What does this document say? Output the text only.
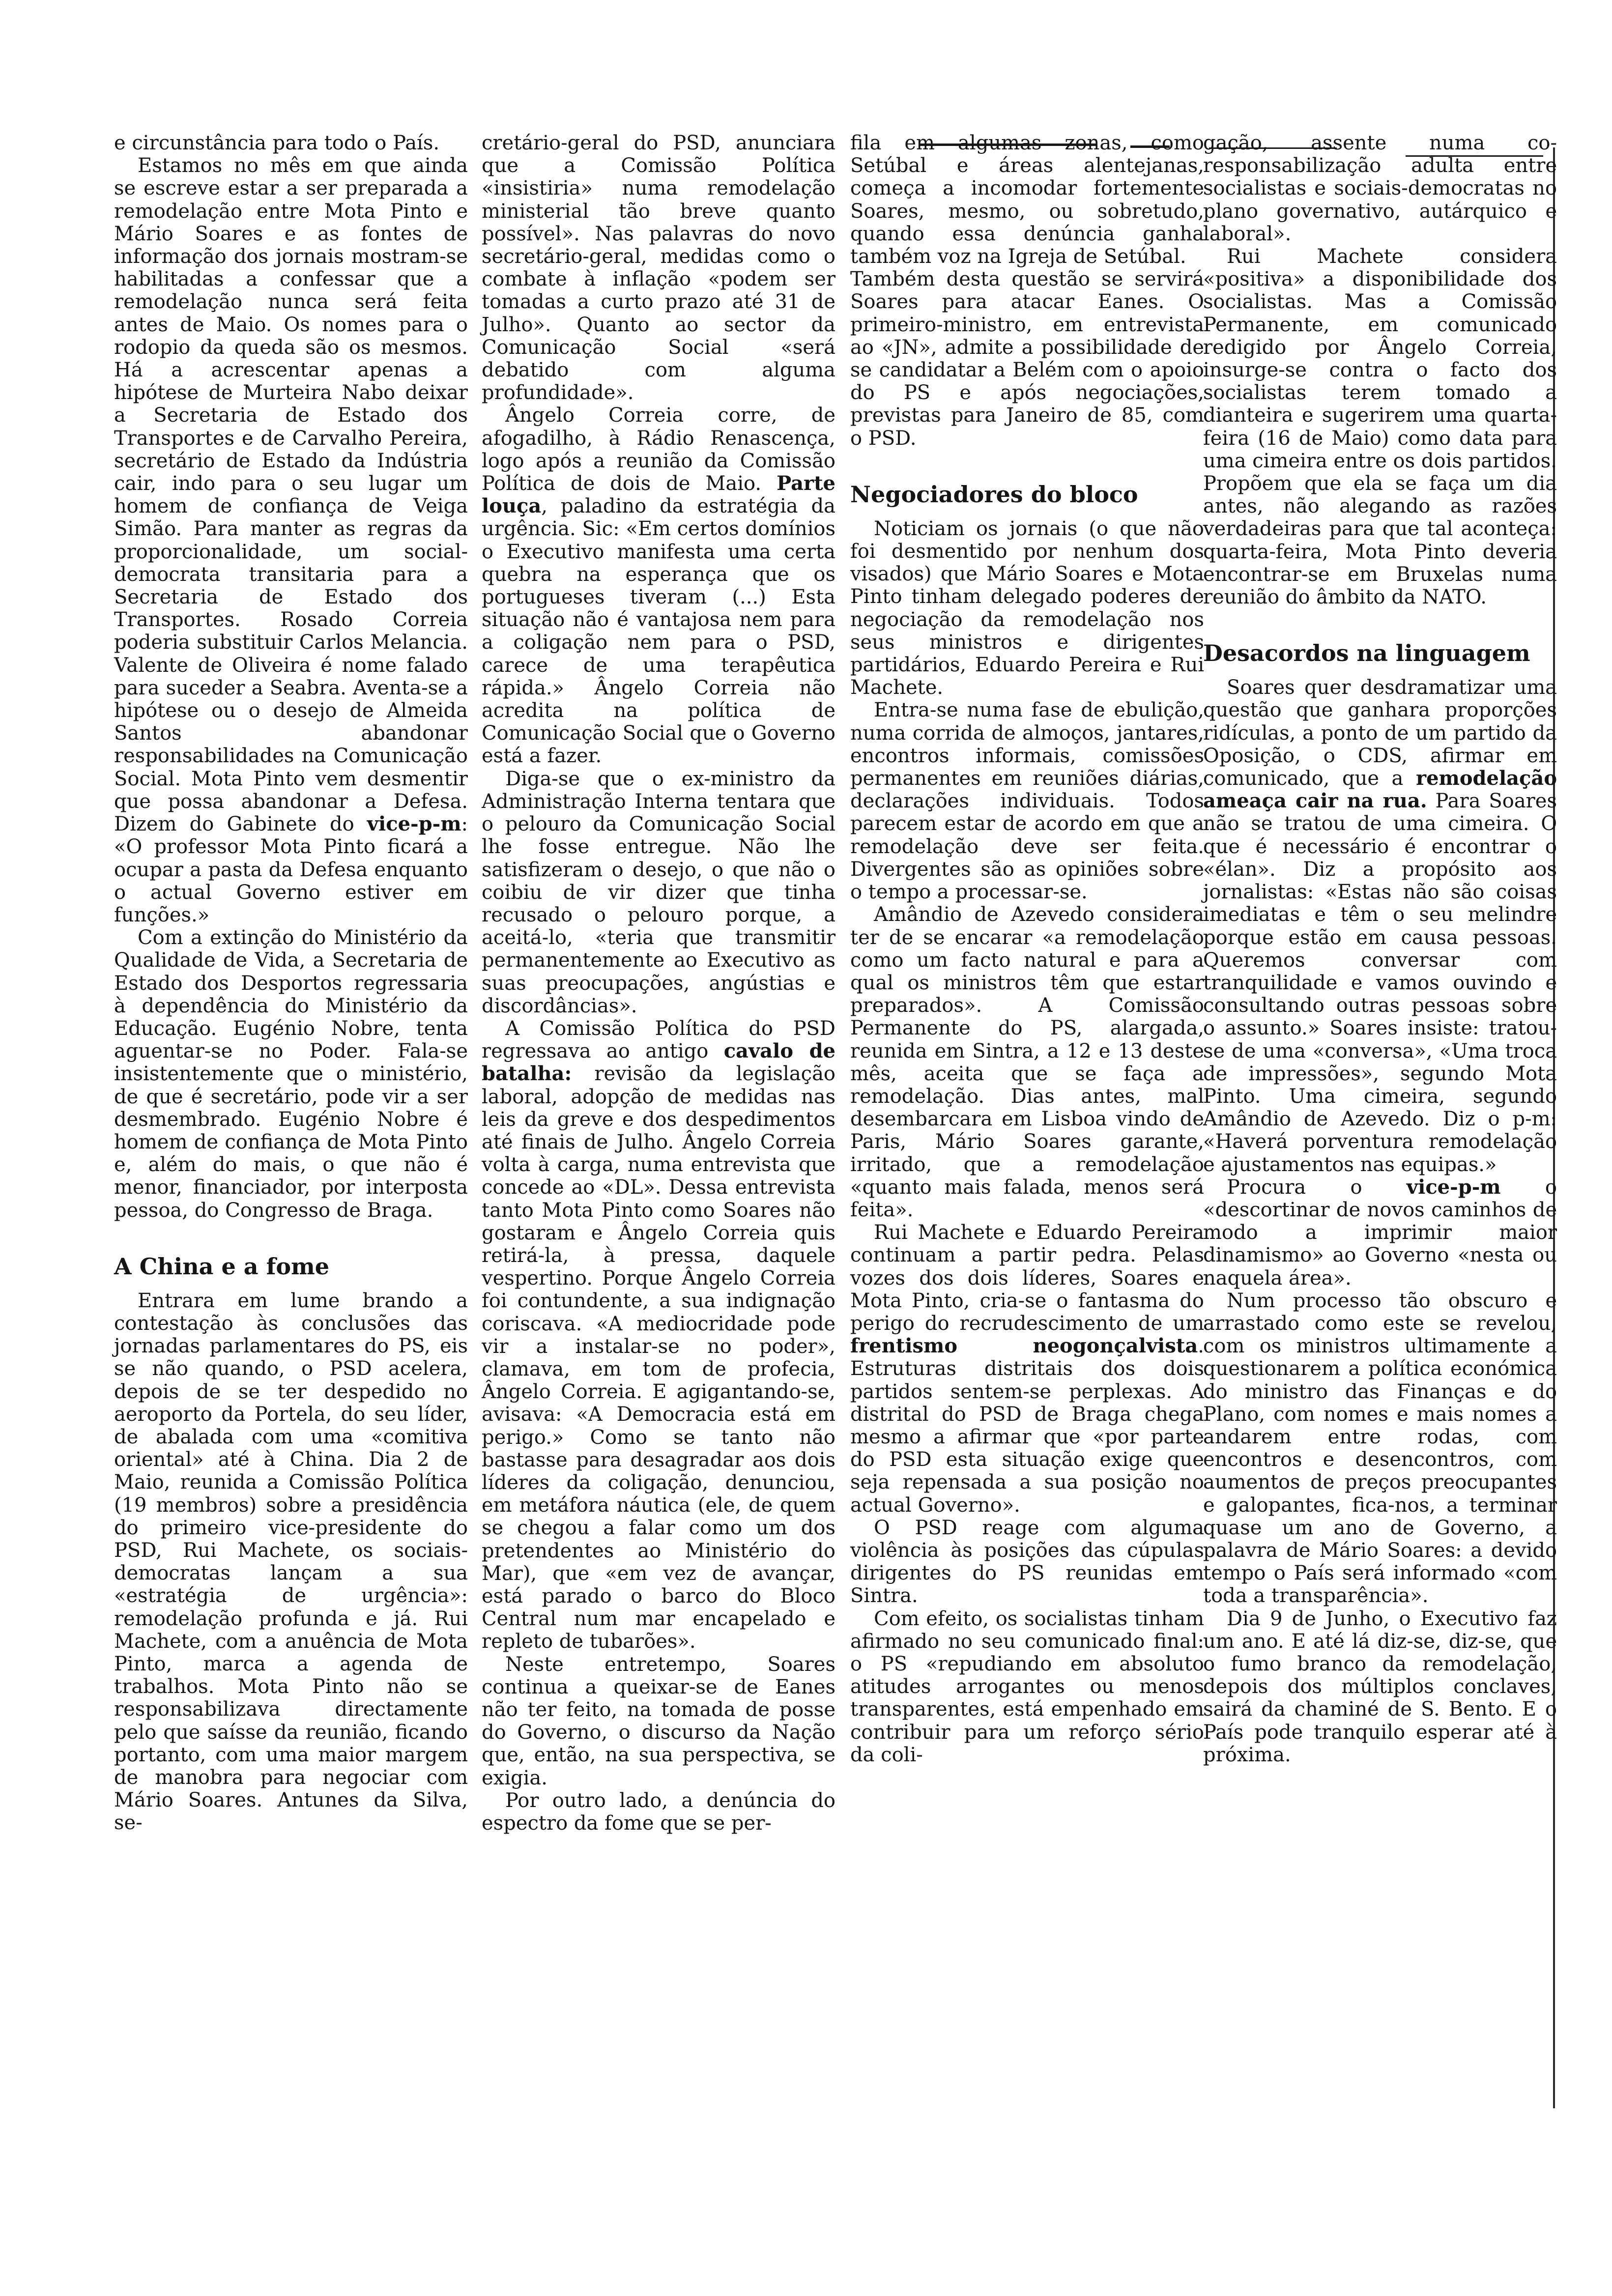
e circunstância para todo o País.

Estamos no mês em que ainda se escreve estar a ser preparada a remodelação entre Mota Pinto e Mário Soares e as fontes de informação dos jornais mostram-se habilitadas a confessar que a remodelação nunca será feita antes de Maio. Os nomes para o rodopio da queda são os mesmos. Há a acrescentar apenas a hipótese de Murteira Nabo deixar a Secretaria de Estado dos Transportes e de Carvalho Pereira, secretário de Estado da Indústria cair, indo para o seu lugar um homem de confiança de Veiga Simão. Para manter as regras da proporcionalidade, um social-democrata transitaria para a Secretaria de Estado dos Transportes. Rosado Correia poderia substituir Carlos Melancia. Valente de Oliveira é nome falado para suceder a Seabra. Aventa-se a hipótese ou o desejo de Almeida Santos abandonar responsabilidades na Comunicação Social. Mota Pinto vem desmentir que possa abandonar a Defesa. Dizem do Gabinete do vice-p-m: «O professor Mota Pinto ficará a ocupar a pasta da Defesa enquanto o actual Governo estiver em funções.»

Com a extinção do Ministério da Qualidade de Vida, a Secretaria de Estado dos Desportos regressaria à dependência do Ministério da Educação. Eugénio Nobre, tenta aguentar-se no Poder. Fala-se insistentemente que o ministério, de que é secretário, pode vir a ser desmembrado. Eugénio Nobre é homem de confiança de Mota Pinto e, além do mais, o que não é menor, financiador, por interposta pessoa, do Congresso de Braga.

A China e a fome

Entrara em lume brando a contestação às conclusões das jornadas parlamentares do PS, eis se não quando, o PSD acelera, depois de se ter despedido no aeroporto da Portela, do seu líder, de abalada com uma «comitiva oriental» até à China. Dia 2 de Maio, reunida a Comissão Política (19 membros) sobre a presidência do primeiro vice-presidente do PSD, Rui Machete, os sociais-democratas lançam a sua «estratégia de urgência»: remodelação profunda e já. Rui Machete, com a anuência de Mota Pinto, marca a agenda de trabalhos. Mota Pinto não se responsabilizava directamente pelo que saísse da reunião, ficando portanto, com uma maior margem de manobra para negociar com Mário Soares. Antunes da Silva, se-

cretário-geral do PSD, anunciara que a Comissão Política «insistiria» numa remodelação ministerial tão breve quanto possível». Nas palavras do novo secretário-geral, medidas como o combate à inflação «podem ser tomadas a curto prazo até 31 de Julho». Quanto ao sector da Comunicação Social «será debatido com alguma profundidade».

Ângelo Correia corre, de afogadilho, à Rádio Renascença, logo após a reunião da Comissão Política de dois de Maio. Parte louça, paladino da estratégia da urgência. Sic: «Em certos domínios o Executivo manifesta uma certa quebra na esperança que os portugueses tiveram (...) Esta situação não é vantajosa nem para a coligação nem para o PSD, carece de uma terapêutica rápida.» Ângelo Correia não acredita na política de Comunicação Social que o Governo está a fazer.

Diga-se que o ex-ministro da Administração Interna tentara que o pelouro da Comunicação Social lhe fosse entregue. Não lhe satisfizeram o desejo, o que não o coibiu de vir dizer que tinha recusado o pelouro porque, a aceitá-lo, «teria que transmitir permanentemente ao Executivo as suas preocupações, angústias e discordâncias».

A Comissão Política do PSD regressava ao antigo cavalo de batalha: revisão da legislação laboral, adopção de medidas nas leis da greve e dos despedimentos até finais de Julho. Ângelo Correia volta à carga, numa entrevista que concede ao «DL». Dessa entrevista tanto Mota Pinto como Soares não gostaram e Ângelo Correia quis retirá-la, à pressa, daquele vespertino. Porque Ângelo Correia foi contundente, a sua indignação coriscava. «A mediocridade pode vir a instalar-se no poder», clamava, em tom de profecia, Ângelo Correia. E agigantando-se, avisava: «A Democracia está em perigo.» Como se tanto não bastasse para desagradar aos dois líderes da coligação, denunciou, em metáfora náutica (ele, de quem se chegou a falar como um dos pretendentes ao Ministério do Mar), que «em vez de avançar, está parado o barco do Bloco Central num mar encapelado e repleto de tubarões».

Neste entretempo, Soares continua a queixar-se de Eanes não ter feito, na tomada de posse do Governo, o discurso da Nação que, então, na sua perspectiva, se exigia.

Por outro lado, a denúncia do espectro da fome que se per-

fila em algumas zonas, como Setúbal e áreas alentejanas, começa a incomodar fortemente Soares, mesmo, ou sobretudo, quando essa denúncia ganha também voz na Igreja de Setúbal.

Também desta questão se servirá Soares para atacar Eanes. O primeiro-ministro, em entrevista ao «JN», admite a possibilidade de se candidatar a Belém com o apoio do PS e após negociações, previstas para Janeiro de 85, com o PSD.

Negociadores do bloco

Noticiam os jornais (o que não foi desmentido por nenhum dos visados) que Mário Soares e Mota Pinto tinham delegado poderes de negociação da remodelação nos seus ministros e dirigentes partidários, Eduardo Pereira e Rui Machete.

Entra-se numa fase de ebulição, numa corrida de almoços, jantares, encontros informais, comissões permanentes em reuniões diárias, declarações individuais. Todos parecem estar de acordo em que a remodelação deve ser feita. Divergentes são as opiniões sobre o tempo a processar-se.

Amândio de Azevedo considera ter de se encarar «a remodelação como um facto natural e para a qual os ministros têm que estar preparados». A Comissão Permanente do PS, alargada, reunida em Sintra, a 12 e 13 deste mês, aceita que se faça a remodelação. Dias antes, mal desembarcara em Lisboa vindo de Paris, Mário Soares garante, irritado, que a remodelação «quanto mais falada, menos será feita».

Rui Machete e Eduardo Pereira continuam a partir pedra. Pelas vozes dos dois líderes, Soares e Mota Pinto, cria-se o fantasma do perigo do recrudescimento de um frentismo neogonçalvista. Estruturas distritais dos dois partidos sentem-se perplexas. A distrital do PSD de Braga chega mesmo a afirmar que «por parte do PSD esta situação exige que seja repensada a sua posição no actual Governo».

O PSD reage com alguma violência às posições das cúpulas dirigentes do PS reunidas em Sintra.

Com efeito, os socialistas tinham afirmado no seu comunicado final: o PS «repudiando em absoluto atitudes arrogantes ou menos transparentes, está empenhado em contribuir para um reforço sério da coli-

gação, assente numa co-responsabilização adulta entre socialistas e sociais-democratas no plano governativo, autárquico e laboral».

Rui Machete considera «positiva» a disponibilidade dos socialistas. Mas a Comissão Permanente, em comunicado redigido por Ângelo Correia, insurge-se contra o facto dos socialistas terem tomado a dianteira e sugerirem uma quarta-feira (16 de Maio) como data para uma cimeira entre os dois partidos. Propõem que ela se faça um dia antes, não alegando as razões verdadeiras para que tal aconteça: quarta-feira, Mota Pinto deveria encontrar-se em Bruxelas numa reunião do âmbito da NATO.

Desacordos na linguagem

Soares quer desdramatizar uma questão que ganhara proporções ridículas, a ponto de um partido da Oposição, o CDS, afirmar em comunicado, que a remodelação ameaça cair na rua. Para Soares não se tratou de uma cimeira. O que é necessário é encontrar o «élan». Diz a propósito aos jornalistas: «Estas não são coisas imediatas e têm o seu melindre porque estão em causa pessoas. Queremos conversar com tranquilidade e vamos ouvindo e consultando outras pessoas sobre o assunto.» Soares insiste: tratou-se de uma «conversa», «Uma troca de impressões», segundo Mota Pinto. Uma cimeira, segundo Amândio de Azevedo. Diz o p-m: «Haverá porventura remodelação e ajustamentos nas equipas.»

Procura o vice-p-m o «descortinar de novos caminhos de modo a imprimir maior dinamismo» ao Governo «nesta ou naquela área».

Num processo tão obscuro e arrastado como este se revelou, com os ministros ultimamente a questionarem a política económica do ministro das Finanças e do Plano, com nomes e mais nomes a andarem entre rodas, com encontros e desencontros, com aumentos de preços preocupantes e galopantes, fica-nos, a terminar quase um ano de Governo, a palavra de Mário Soares: a devido tempo o País será informado «com toda a transparência».

Dia 9 de Junho, o Executivo faz um ano. E até lá diz-se, diz-se, que o fumo branco da remodelação, depois dos múltiplos conclaves, sairá da chaminé de S. Bento. E o País pode tranquilo esperar até à próxima.
